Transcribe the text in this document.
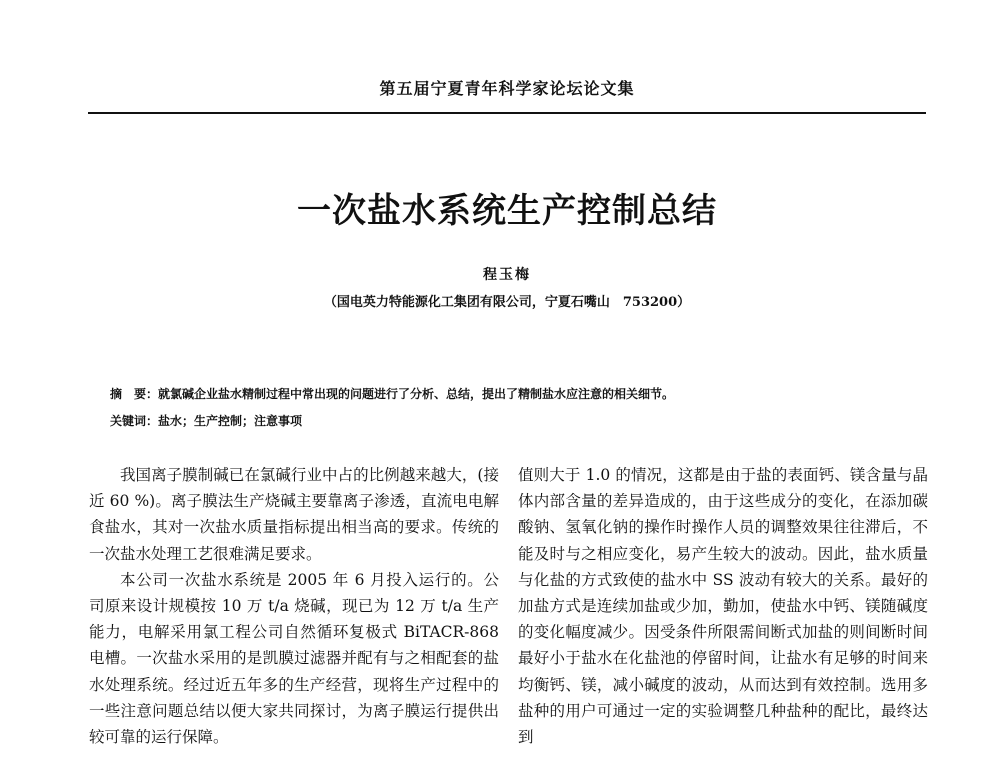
第五届宁夏青年科学家论坛论文集
一次盐水系统生产控制总结
程玉梅
（国电英力特能源化工集团有限公司，宁夏石嘴山　753200）
摘　要：就氯碱企业盐水精制过程中常出现的问题进行了分析、总结，提出了精制盐水应注意的相关细节。
关键词：盐水；生产控制；注意事项

我国离子膜制碱已在氯碱行业中占的比例越来越大，(接近 60 %)。离子膜法生产烧碱主要靠离子渗透，直流电电解食盐水，其对一次盐水质量指标提出相当高的要求。传统的一次盐水处理工艺很难满足要求。

本公司一次盐水系统是 2005 年 6 月投入运行的。公司原来设计规模按 10 万 t/a 烧碱，现已为 12 万 t/a 生产能力，电解采用氯工程公司自然循环复极式 BiTACR-868 电槽。一次盐水采用的是凯膜过滤器并配有与之相配套的盐水处理系统。经过近五年多的生产经营，现将生产过程中的一些注意问题总结以便大家共同探讨，为离子膜运行提供出较可靠的运行保障。

值则大于 1.0 的情况，这都是由于盐的表面钙、镁含量与晶体内部含量的差异造成的，由于这些成分的变化，在添加碳酸钠、氢氧化钠的操作时操作人员的调整效果往往滞后，不能及时与之相应变化，易产生较大的波动。因此，盐水质量与化盐的方式致使的盐水中 SS 波动有较大的关系。最好的加盐方式是连续加盐或少加，勤加，使盐水中钙、镁随碱度的变化幅度减少。因受条件所限需间断式加盐的则间断时间最好小于盐水在化盐池的停留时间，让盐水有足够的时间来均衡钙、镁，减小碱度的波动，从而达到有效控制。选用多盐种的用户可通过一定的实验调整几种盐种的配比，最终达到
